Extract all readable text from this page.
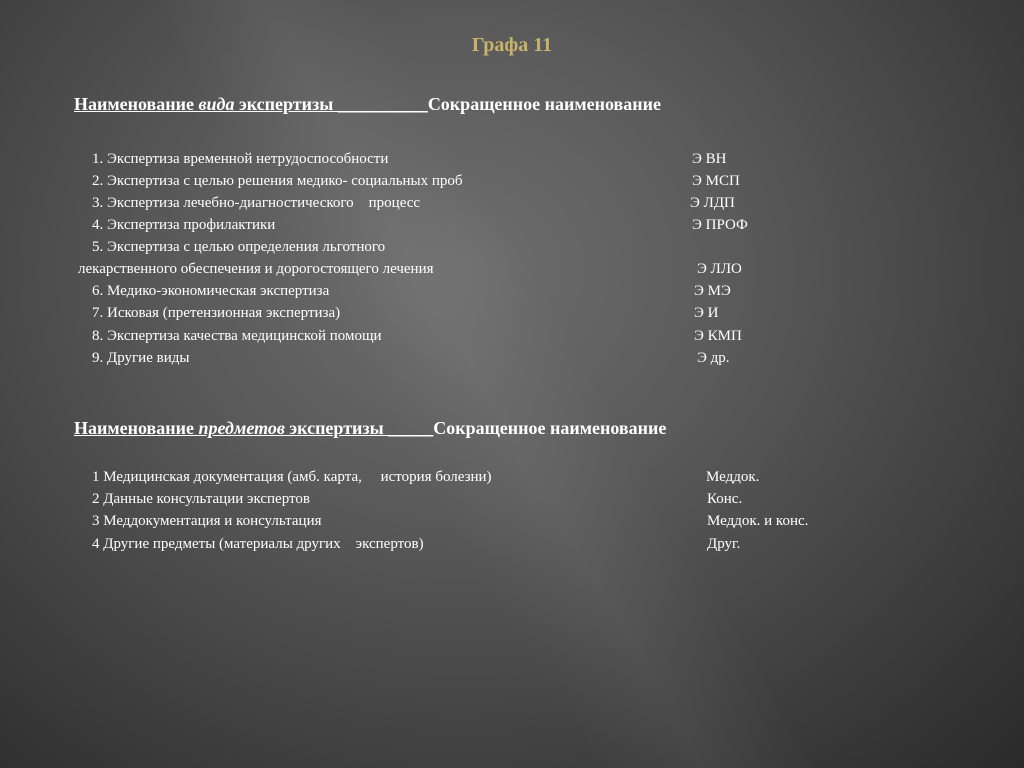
Графа 11
Наименование вида экспертизы __________Сокращенное наименование
1. Экспертиза временной нетрудоспособности	Э ВН
2. Экспертиза с целью решения медико- социальных проб	Э МСП
3. Экспертиза лечебно-диагностического    процесс	Э ЛДП
4. Экспертиза профилактики	Э ПРОФ
5. Экспертиза с целью определения льготного
лекарственного обеспечения и дорогостоящего лечения	Э ЛЛО
6. Медико-экономическая экспертиза	Э МЭ
7. Исковая (претензионная экспертиза)	Э И
8. Экспертиза качества медицинской помощи	Э КМП
9. Другие виды	Э др.
Наименование предметов экспертизы _____Сокращенное наименование
1 Медицинская документация (амб. карта,     история болезни)	Меддок.
2 Данные консультации экспертов	Конс.
3 Меддокументация и консультация	Меддок. и конс.
4 Другие предметы (материалы других    экспертов)	Друг.
